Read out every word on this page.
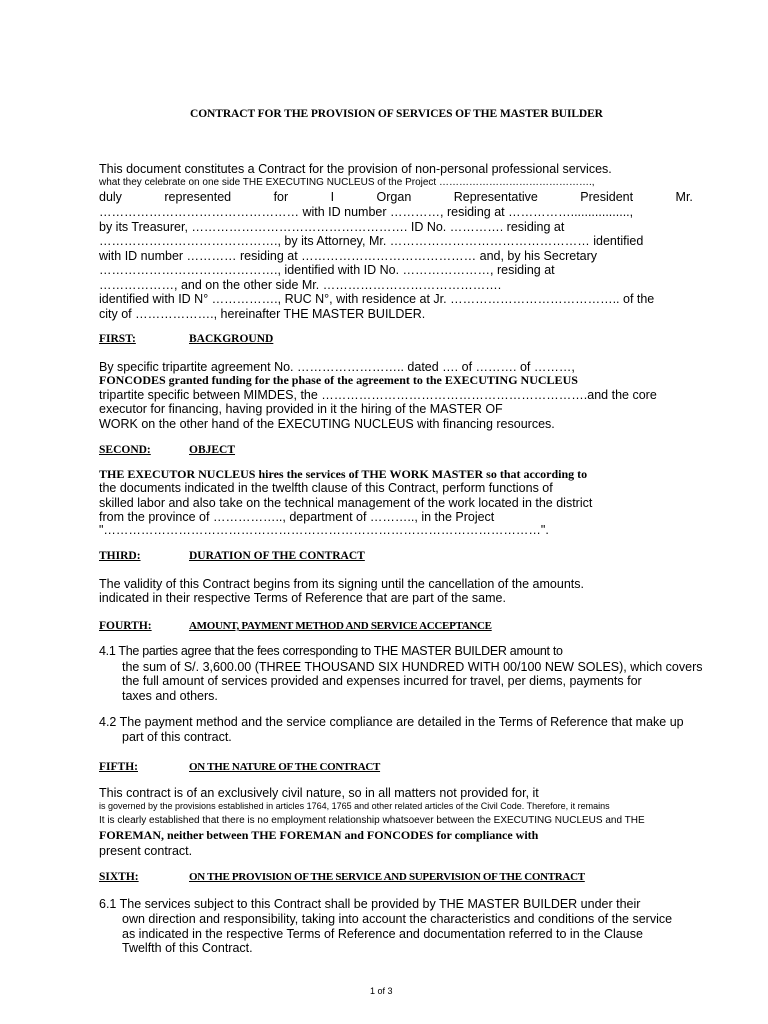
CONTRACT FOR THE PROVISION OF SERVICES OF THE MASTER BUILDER
This document constitutes a Contract for the provision of non-personal professional services.
what they celebrate on one side THE EXECUTING NUCLEUS of the Project ……………………………………….,
duly	represented	for	I	Organ	Representative	President	Mr.
………………………………………… with ID number …………, residing at …………….................,
by its Treasurer, ……………………………………………. ID No. …………. residing at
……………………………………., by its Attorney, Mr. ………………………………………… identified
with ID number ………… residing at …………………………………… and, by his Secretary
……………………………………., identified with ID No. …………………, residing at
………………, and on the other side Mr. …………………………………….
identified with ID N° ……………., RUC N°, with residence at Jr. ………………………………….. of the
city of ………………., hereinafter THE MASTER BUILDER.
FIRST:	BACKGROUND
By specific tripartite agreement No. …………………….. dated …. of ………. of ………,
FONCODES granted funding for the phase of the agreement to the EXECUTING NUCLEUS
tripartite specific between MIMDES, the ……………………………………………………….and the core
executor for financing, having provided in it the hiring of the MASTER OF
WORK on the other hand of the EXECUTING NUCLEUS with financing resources.
SECOND:	OBJECT
THE EXECUTOR NUCLEUS hires the services of THE WORK MASTER so that according to
the documents indicated in the twelfth clause of this Contract, perform functions of
skilled labor and also take on the technical management of the work located in the district
from the province of …………….., department of ……….., in the Project
"……………………………………………………………………………………………".
THIRD:	DURATION OF THE CONTRACT
The validity of this Contract begins from its signing until the cancellation of the amounts.
indicated in their respective Terms of Reference that are part of the same.
FOURTH:	AMOUNT, PAYMENT METHOD AND SERVICE ACCEPTANCE
4.1 The parties agree that the fees corresponding to THE MASTER BUILDER amount to
the sum of S/. 3,600.00 (THREE THOUSAND SIX HUNDRED WITH 00/100 NEW SOLES), which covers
the full amount of services provided and expenses incurred for travel, per diems, payments for
taxes and others.
4.2 The payment method and the service compliance are detailed in the Terms of Reference that make up
part of this contract.
FIFTH:	ON THE NATURE OF THE CONTRACT
This contract is of an exclusively civil nature, so in all matters not provided for, it
is governed by the provisions established in articles 1764, 1765 and other related articles of the Civil Code. Therefore, it remains
It is clearly established that there is no employment relationship whatsoever between the EXECUTING NUCLEUS and THE
FOREMAN, neither between THE FOREMAN and FONCODES for compliance with
present contract.
SIXTH:	ON THE PROVISION OF THE SERVICE AND SUPERVISION OF THE CONTRACT
6.1 The services subject to this Contract shall be provided by THE MASTER BUILDER under their
own direction and responsibility, taking into account the characteristics and conditions of the service
as indicated in the respective Terms of Reference and documentation referred to in the Clause
Twelfth of this Contract.
1 of 3
